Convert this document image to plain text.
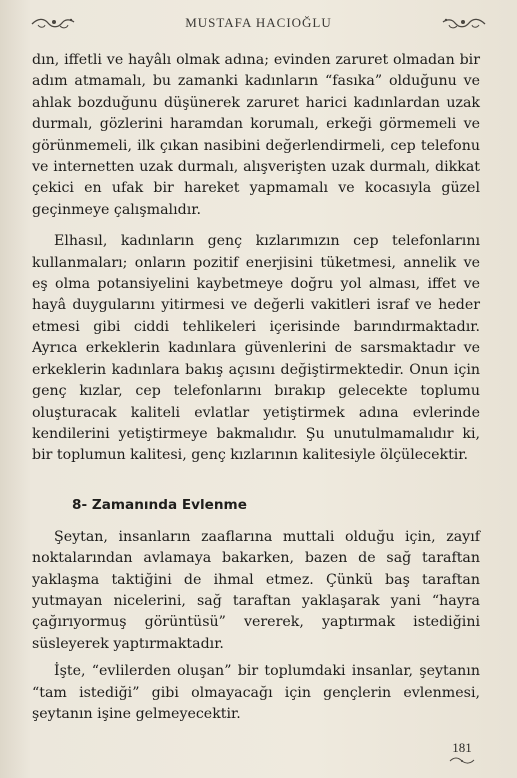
MUSTAFA HACIOĞLU

dın, iffetli ve hayâlı olmak adına; evinden zaruret olmadan bir adım atmamalı, bu zamanki kadınların “fasıka” olduğunu ve ahlak bozduğunu düşünerek zaruret harici kadınlardan uzak durmalı, gözlerini haramdan korumalı, erkeği görmemeli ve görünmemeli, ilk çıkan nasibini değerlendirmeli, cep telefonu ve internetten uzak durmalı, alışverişten uzak durmalı, dikkat çekici en ufak bir hareket yapmamalı ve kocasıyla güzel geçinmeye çalışmalıdır.

Elhasıl, kadınların genç kızlarımızın cep telefonlarını kullanmaları; onların pozitif enerjisini tüketmesi, annelik ve eş olma potansiyelini kaybetmeye doğru yol alması, iffet ve hayâ duygularını yitirmesi ve değerli vakitleri israf ve heder etmesi gibi ciddi tehlikeleri içerisinde barındırmaktadır. Ayrıca erkeklerin kadınlara güvenlerini de sarsmaktadır ve erkeklerin kadınlara bakış açısını değiştirmektedir. Onun için genç kızlar, cep telefonlarını bırakıp gelecekte toplumu oluşturacak kaliteli evlatlar yetiştirmek adına evlerinde kendilerini yetiştirmeye bakmalıdır. Şu unutulmamalıdır ki, bir toplumun kalitesi, genç kızlarının kalitesiyle ölçülecektir.

8- Zamanında Evlenme

Şeytan, insanların zaaflarına muttali olduğu için, zayıf noktalarından avlamaya bakarken, bazen de sağ taraftan yaklaşma taktiğini de ihmal etmez. Çünkü baş taraftan yutmayan nicelerini, sağ taraftan yaklaşarak yani “hayra çağırıyormuş görüntüsü” vererek, yaptırmak istediğini süsleyerek yaptırmaktadır.

İşte, “evlilerden oluşan” bir toplumdaki insanlar, şeytanın “tam istediği” gibi olmayacağı için gençlerin evlenmesi, şeytanın işine gelmeyecektir.

181
